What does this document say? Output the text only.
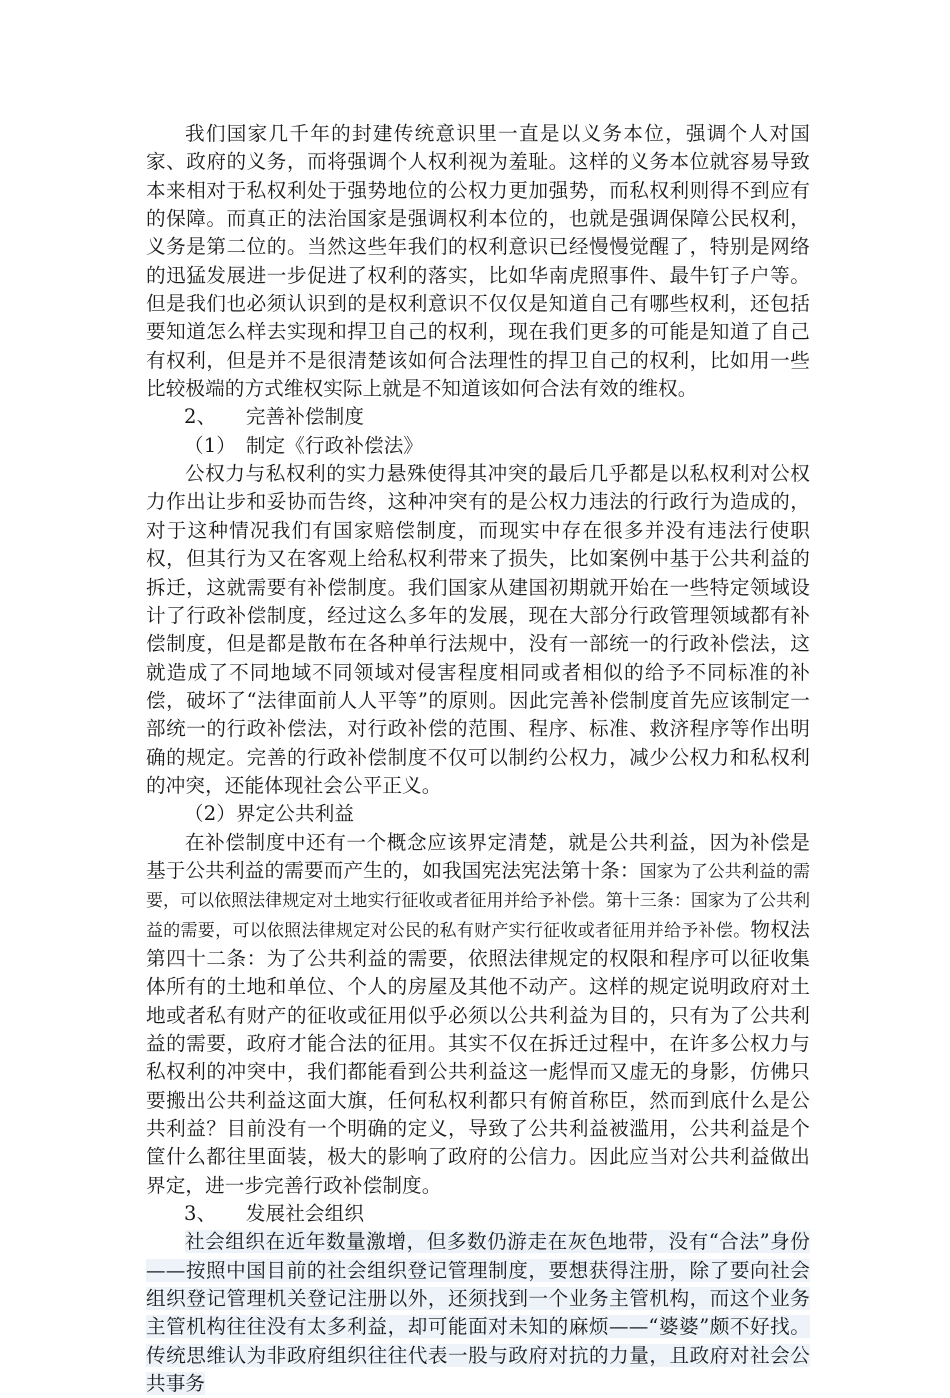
我们国家几千年的封建传统意识里一直是以义务本位，强调个人对国家、政府的义务，而将强调个人权利视为羞耻。这样的义务本位就容易导致本来相对于私权利处于强势地位的公权力更加强势，而私权利则得不到应有的保障。而真正的法治国家是强调权利本位的，也就是强调保障公民权利，义务是第二位的。当然这些年我们的权利意识已经慢慢觉醒了，特别是网络的迅猛发展进一步促进了权利的落实，比如华南虎照事件、最牛钉子户等。但是我们也必须认识到的是权利意识不仅仅是知道自己有哪些权利，还包括要知道怎么样去实现和捍卫自己的权利，现在我们更多的可能是知道了自己有权利，但是并不是很清楚该如何合法理性的捍卫自己的权利，比如用一些比较极端的方式维权实际上就是不知道该如何合法有效的维权。

2、　　完善补偿制度

（1）　制定《行政补偿法》

公权力与私权利的实力悬殊使得其冲突的最后几乎都是以私权利对公权力作出让步和妥协而告终，这种冲突有的是公权力违法的行政行为造成的，对于这种情况我们有国家赔偿制度，而现实中存在很多并没有违法行使职权，但其行为又在客观上给私权利带来了损失，比如案例中基于公共利益的拆迁，这就需要有补偿制度。我们国家从建国初期就开始在一些特定领域设计了行政补偿制度，经过这么多年的发展，现在大部分行政管理领域都有补偿制度，但是都是散布在各种单行法规中，没有一部统一的行政补偿法，这就造成了不同地域不同领域对侵害程度相同或者相似的给予不同标准的补偿，破坏了“法律面前人人平等”的原则。因此完善补偿制度首先应该制定一部统一的行政补偿法，对行政补偿的范围、程序、标准、救济程序等作出明确的规定。完善的行政补偿制度不仅可以制约公权力，减少公权力和私权利的冲突，还能体现社会公平正义。

（2）界定公共利益

在补偿制度中还有一个概念应该界定清楚，就是公共利益，因为补偿是基于公共利益的需要而产生的，如我国宪法宪法第十条：国家为了公共利益的需要，可以依照法律规定对土地实行征收或者征用并给予补偿。第十三条：国家为了公共利益的需要，可以依照法律规定对公民的私有财产实行征收或者征用并给予补偿。物权法第四十二条：为了公共利益的需要，依照法律规定的权限和程序可以征收集体所有的土地和单位、个人的房屋及其他不动产。这样的规定说明政府对土地或者私有财产的征收或征用似乎必须以公共利益为目的，只有为了公共利益的需要，政府才能合法的征用。其实不仅在拆迁过程中，在许多公权力与私权利的冲突中，我们都能看到公共利益这一彪悍而又虚无的身影，仿佛只要搬出公共利益这面大旗，任何私权利都只有俯首称臣，然而到底什么是公共利益？目前没有一个明确的定义，导致了公共利益被滥用，公共利益是个筐什么都往里面装，极大的影响了政府的公信力。因此应当对公共利益做出界定，进一步完善行政补偿制度。

3、　　发展社会组织

社会组织在近年数量激增，但多数仍游走在灰色地带，没有“合法”身份——按照中国目前的社会组织登记管理制度，要想获得注册，除了要向社会组织登记管理机关登记注册以外，还须找到一个业务主管机构，而这个业务主管机构往往没有太多利益，却可能面对未知的麻烦——“婆婆”颇不好找。传统思维认为非政府组织往往代表一股与政府对抗的力量，且政府对社会公共事务
